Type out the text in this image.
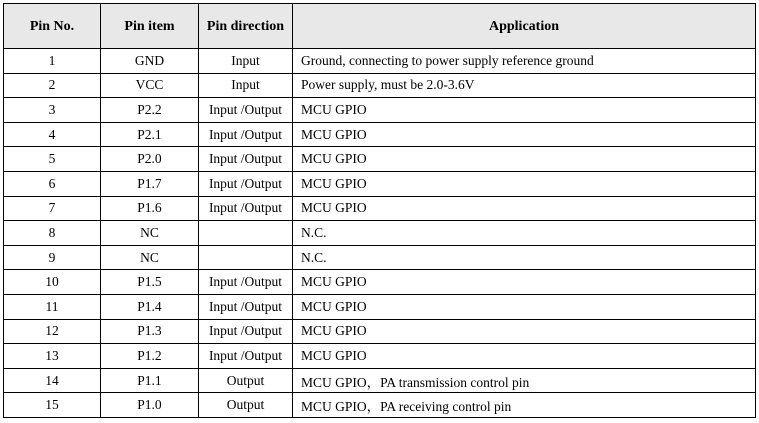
Pin No.	Pin item	Pin direction	Application
1	GND	Input	Ground, connecting to power supply reference ground
2	VCC	Input	Power supply, must be 2.0-3.6V
3	P2.2	Input /Output	MCU GPIO
4	P2.1	Input /Output	MCU GPIO
5	P2.0	Input /Output	MCU GPIO
6	P1.7	Input /Output	MCU GPIO
7	P1.6	Input /Output	MCU GPIO
8	NC		N.C.
9	NC		N.C.
10	P1.5	Input /Output	MCU GPIO
11	P1.4	Input /Output	MCU GPIO
12	P1.3	Input /Output	MCU GPIO
13	P1.2	Input /Output	MCU GPIO
14	P1.1	Output	MCU GPIO，PA transmission control pin
15	P1.0	Output	MCU GPIO，PA receiving control pin
